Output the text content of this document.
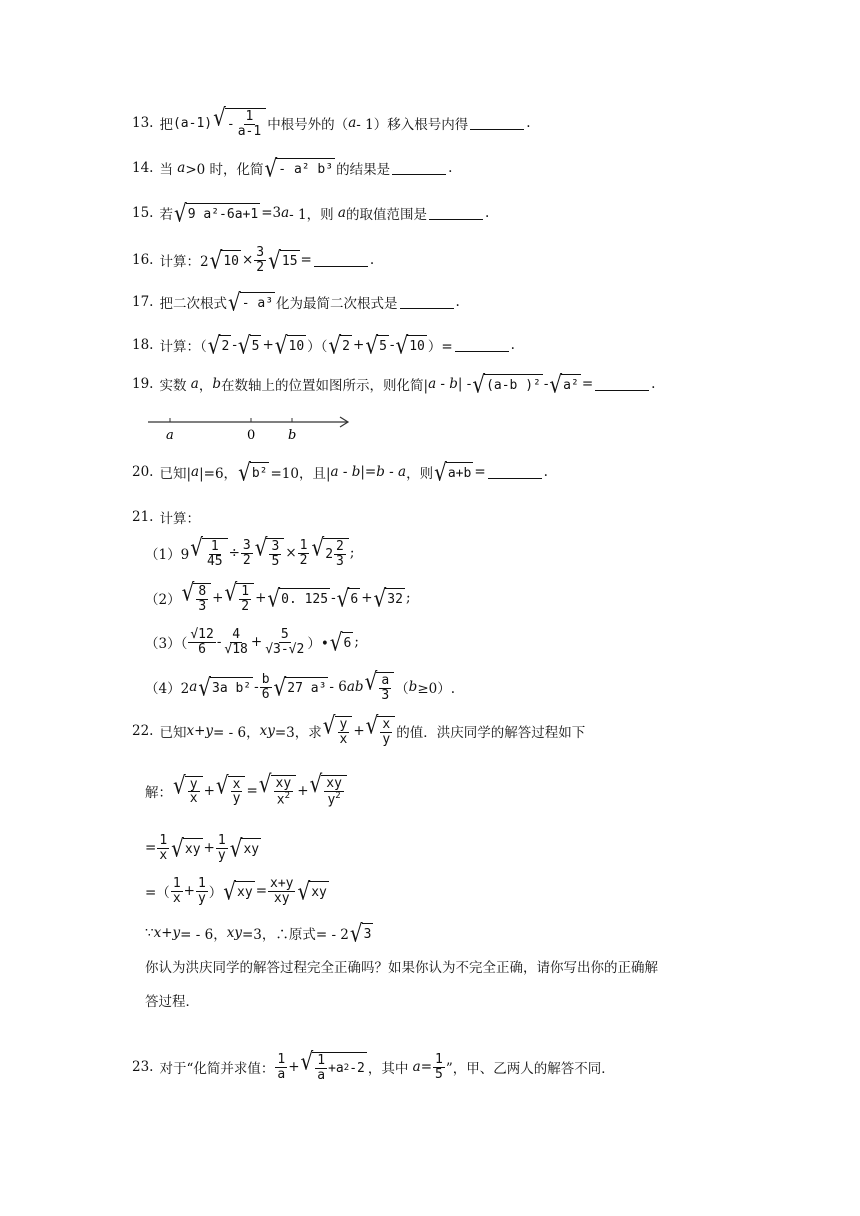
13. 把 (a-1) √ - $\frac{1}{a-1}$ 中根号外的（ a - 1）移入根号内得	.
14. 当
a >0 时，化简 √ - a² b³ 的结果是	.
15. 若 √ 9 a²-6a+1 =3 a - 1，则
a 的取值范围是	.
16. 计算：2 √ $10 \times \frac{3}{2}$ √ 15 =	.
17. 把二次根式 √ - a³ 化为最简二次根式是	.
18. 计算：（ √ 2 - √ 5 + √ 10 ）（ √ 2 + √ 5 - √ 10 ）=	.
19. 实数
a ， b 在数轴上的位置如图所示，则化简| a - b | - √ (a-b )² - √ a² =	.
a	0	b
20. 已知| a |=6， √ b² =10，且| a - b |= b - a ，则 √ a+b =	.
21. 计算：
（1）9 √ $\frac{1}{45} \div \frac{3}{2}$ √ $\frac{3}{5} \times \frac{1}{2}$ √ $2 \frac{2}{3}$ ;
（2） √ $\frac{8}{3}$ + √ $\frac{1}{2}$ + √ 0. 125 - √ 6 + √ 32 ;
$(3)( \frac{√12}{6} - \frac{4}{√18} + \frac{5}{√3-√2}$ ）• √ 6 ;
（4）2 a √ 3a $b^2 - \frac{b}{6}$ √ 27 a³ - 6 ab √ $\frac{a}{3}$ （ b ≥0）.
22. 已知 x+y = - 6， xy =3，求 √ $\frac{y}{x}$ + √ $\frac{x}{y}$ 的值．洪庆同学的解答过程如下
解： √ $\frac{y}{x}$ + √ $\frac{x}{y}$ = √ $\frac{xy}{x^2}$ + √ $\frac{xy}{y^2}$
= $\frac{1}{x}$ √ xy + $\frac{1}{y}$ √ xy
=（ $\frac{1}{x} + \frac{1}{y}$ ） √ xy = $\frac{x+y}{xy}$ √ xy
∵ x+y = - 6， xy =3，∴原式= - 2 √ 3
你认为洪庆同学的解答过程完全正确吗？如果你认为不完全正确，请你写出你的正确解
答过程．
23. 对于“化简并求值： $\frac{1}{a}$ + √ $\frac{1}{a} +a$ 2 -2 ，其中
$a = \frac{1}{5}$ ”，甲、乙两人的解答不同．
